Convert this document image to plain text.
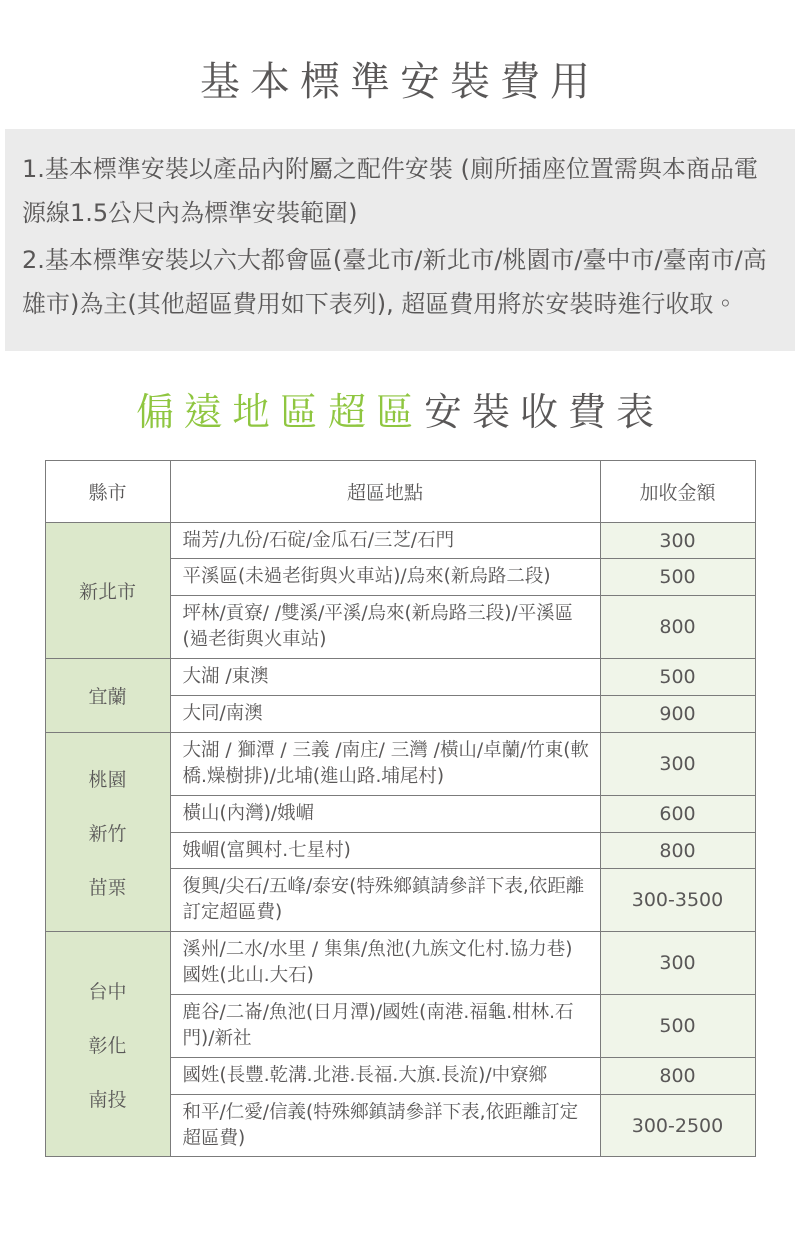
基本標準安裝費用

1.基本標準安裝以產品內附屬之配件安裝 (廁所插座位置需與本商品電源線1.5公尺內為標準安裝範圍)

2.基本標準安裝以六大都會區(臺北市/新北市/桃園市/臺中市/臺南市/高雄市)為主(其他超區費用如下表列), 超區費用將於安裝時進行收取。

偏遠地區超區安裝收費表
縣市	超區地點	加收金額

新北市	瑞芳/九份/石碇/金瓜石/三芝/石門	300
	平溪區(未過老街與火車站)/烏來(新烏路二段)	500
	坪林/貢寮/ /雙溪/平溪/烏來(新烏路三段)/平溪區(過老街與火車站)	800

宜蘭	大湖 /東澳	500
	大同/南澳	900

桃園
新竹
苗栗	大湖 / 獅潭 / 三義 /南庄/ 三灣 /橫山/卓蘭/竹東(軟橋.燥樹排)/北埔(進山路.埔尾村)	300
	橫山(內灣)/娥嵋	600
	娥嵋(富興村.七星村)	800
	復興/尖石/五峰/泰安(特殊鄉鎮請參詳下表,依距離訂定超區費)	300-3500

台中
彰化
南投	溪州/二水/水里 / 集集/魚池(九族文化村.協力巷)國姓(北山.大石)	300
	鹿谷/二崙/魚池(日月潭)/國姓(南港.福龜.柑林.石門)/新社	500
	國姓(長豐.乾溝.北港.長福.大旗.長流)/中寮鄉	800
	和平/仁愛/信義(特殊鄉鎮請參詳下表,依距離訂定超區費)	300-2500
